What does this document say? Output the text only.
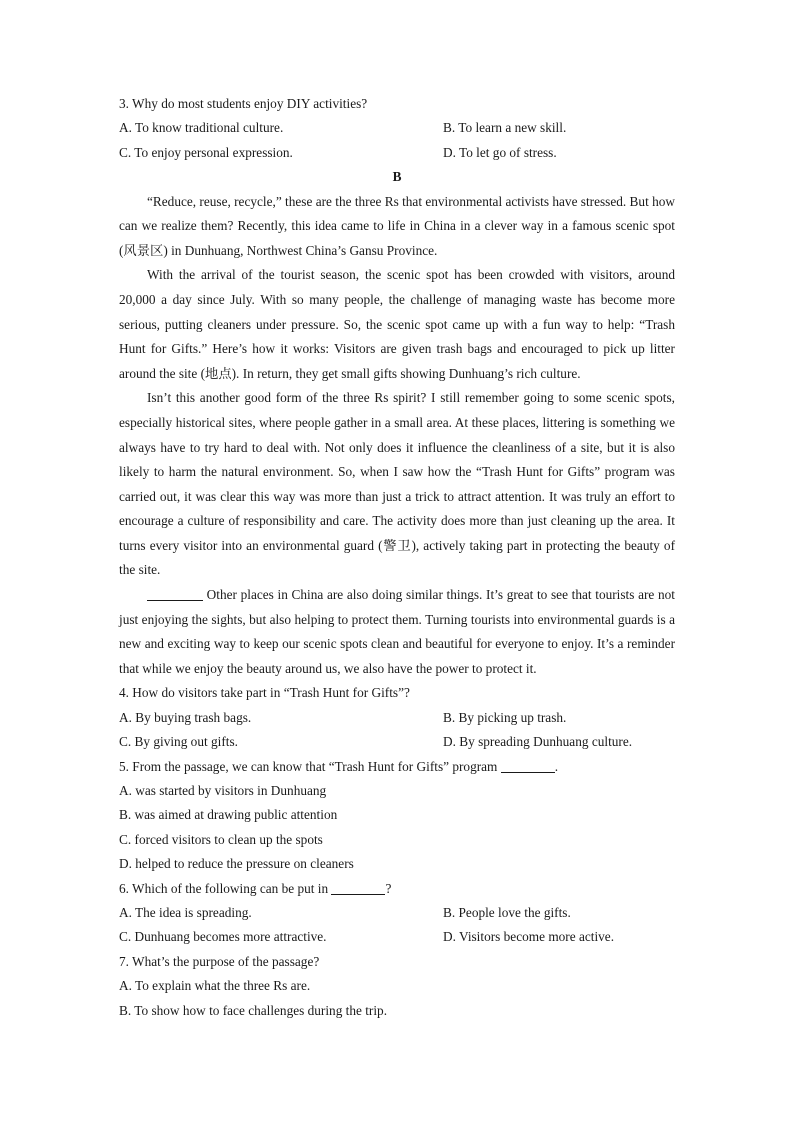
3. Why do most students enjoy DIY activities?
A. To know traditional culture.	B. To learn a new skill.
C. To enjoy personal expression.	D. To let go of stress.
B

“Reduce, reuse, recycle,” these are the three Rs that environmental activists have stressed. But how can we realize them? Recently, this idea came to life in China in a clever way in a famous scenic spot (风景区) in Dunhuang, Northwest China’s Gansu Province.

With the arrival of the tourist season, the scenic spot has been crowded with visitors, around 20,000 a day since July. With so many people, the challenge of managing waste has become more serious, putting cleaners under pressure. So, the scenic spot came up with a fun way to help: “Trash Hunt for Gifts.” Here’s how it works: Visitors are given trash bags and encouraged to pick up litter around the site (地点). In return, they get small gifts showing Dunhuang’s rich culture.

Isn’t this another good form of the three Rs spirit? I still remember going to some scenic spots, especially historical sites, where people gather in a small area. At these places, littering is something we always have to try hard to deal with. Not only does it influence the cleanliness of a site, but it is also likely to harm the natural environment. So, when I saw how the “Trash Hunt for Gifts” program was carried out, it was clear this way was more than just a trick to attract attention. It was truly an effort to encourage a culture of responsibility and care. The activity does more than just cleaning up the area. It turns every visitor into an environmental guard (警卫), actively taking part in protecting the beauty of the site.

Other places in China are also doing similar things. It’s great to see that tourists are not just enjoying the sights, but also helping to protect them. Turning tourists into environmental guards is a new and exciting way to keep our scenic spots clean and beautiful for everyone to enjoy. It’s a reminder that while we enjoy the beauty around us, we also have the power to protect it.

4. How do visitors take part in “Trash Hunt for Gifts”?
A. By buying trash bags.	B. By picking up trash.
C. By giving out gifts.	D. By spreading Dunhuang culture.
5. From the passage, we can know that “Trash Hunt for Gifts” program	.
A. was started by visitors in Dunhuang
B. was aimed at drawing public attention
C. forced visitors to clean up the spots
D. helped to reduce the pressure on cleaners
6. Which of the following can be put in	?
A. The idea is spreading.	B. People love the gifts.
C. Dunhuang becomes more attractive.	D. Visitors become more active.
7. What’s the purpose of the passage?
A. To explain what the three Rs are.
B. To show how to face challenges during the trip.
